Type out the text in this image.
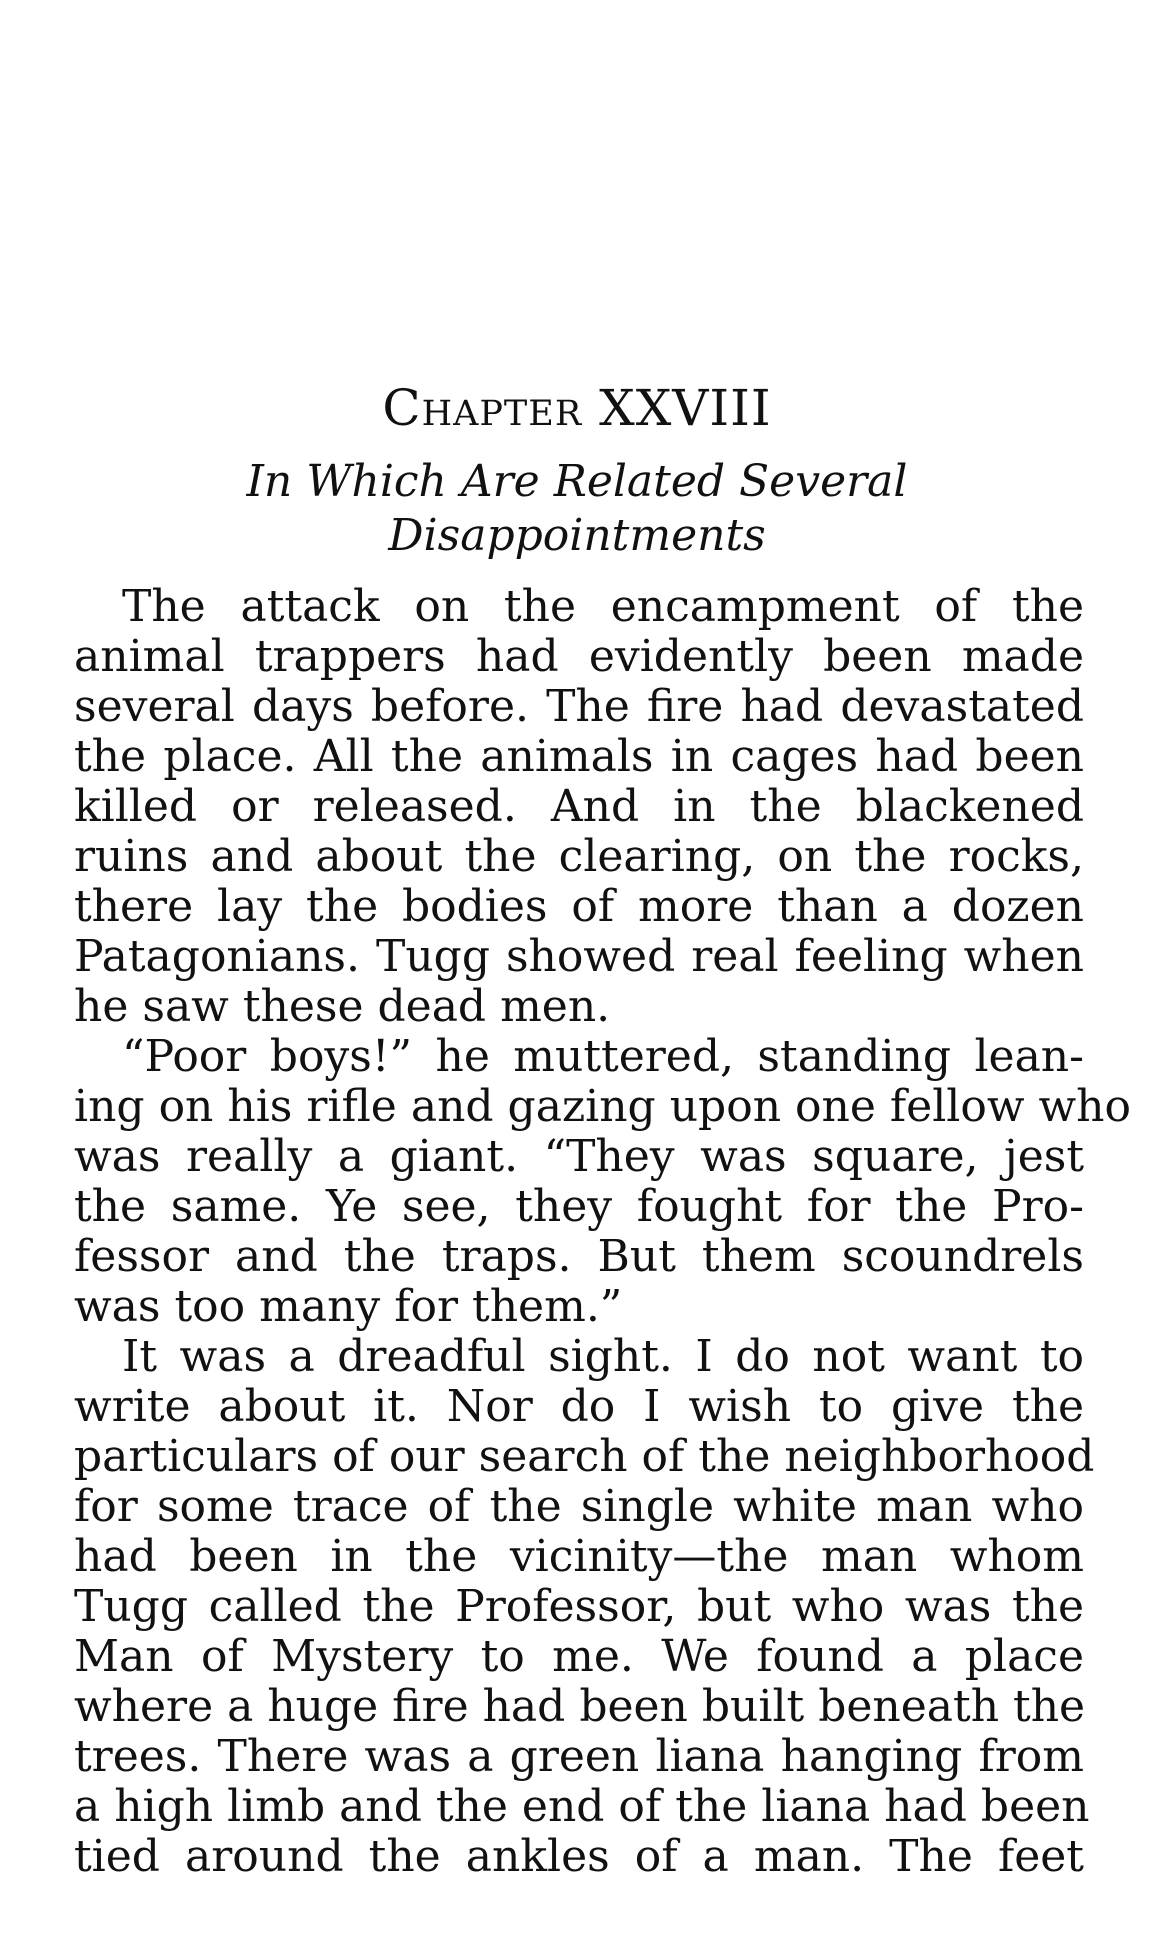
Chapter XXVIII
In Which Are Related Several
Disappointments
The attack on the encampment of the
animal trappers had evidently been made
several days before. The fire had devastated
the place. All the animals in cages had been
killed or released. And in the blackened
ruins and about the clearing, on the rocks,
there lay the bodies of more than a dozen
Patagonians. Tugg showed real feeling when
he saw these dead men.
“Poor boys!” he muttered, standing lean-
ing on his rifle and gazing upon one fellow who
was really a giant. “They was square, jest
the same. Ye see, they fought for the Pro-
fessor and the traps. But them scoundrels
was too many for them.”
It was a dreadful sight. I do not want to
write about it. Nor do I wish to give the
particulars of our search of the neighborhood
for some trace of the single white man who
had been in the vicinity—the man whom
Tugg called the Professor, but who was the
Man of Mystery to me. We found a place
where a huge fire had been built beneath the
trees. There was a green liana hanging from
a high limb and the end of the liana had been
tied around the ankles of a man. The feet
